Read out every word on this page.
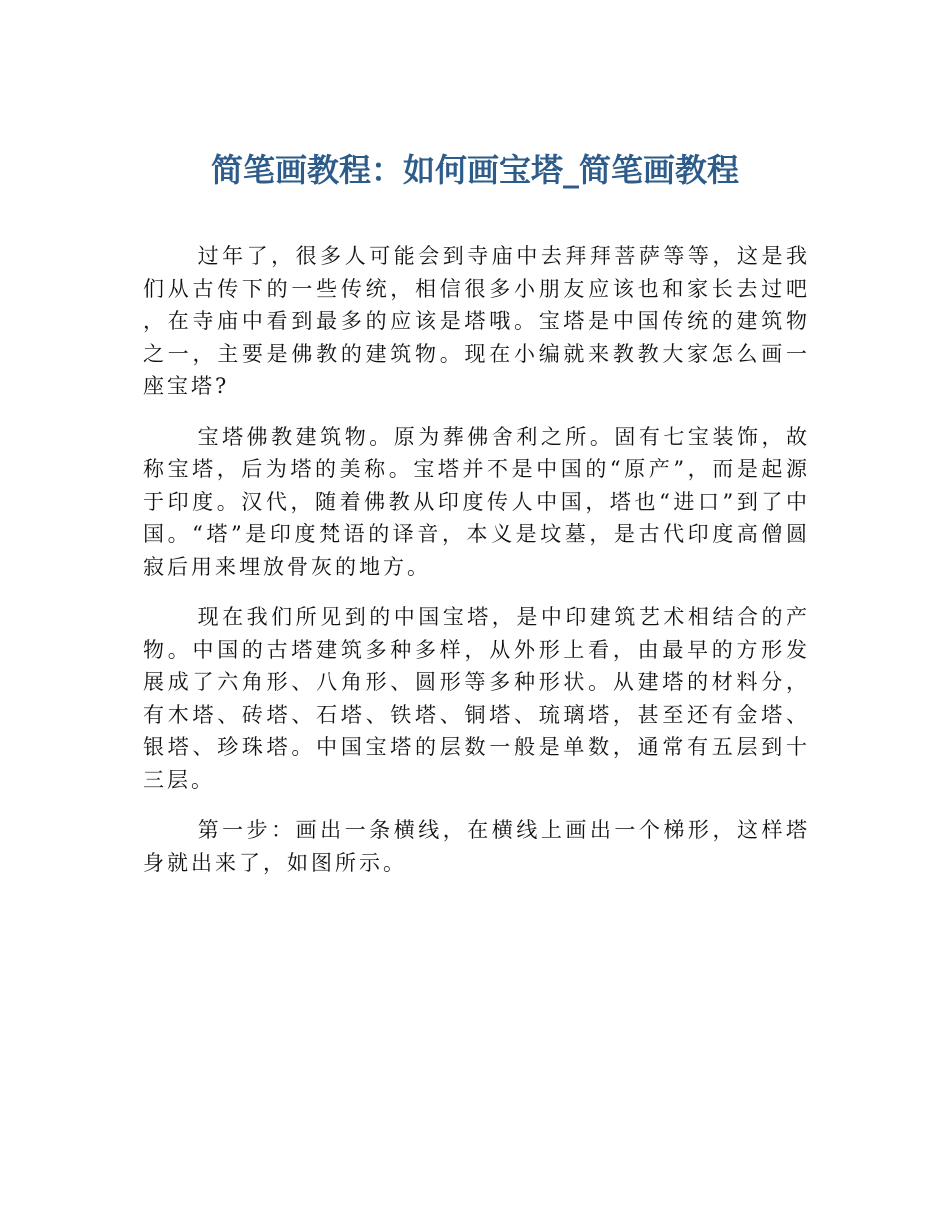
简笔画教程：如何画宝塔_简笔画教程

过年了，很多人可能会到寺庙中去拜拜菩萨等等，这是我们从古传下的一些传统，相信很多小朋友应该也和家长去过吧，在寺庙中看到最多的应该是塔哦。宝塔是中国传统的建筑物之一，主要是佛教的建筑物。现在小编就来教教大家怎么画一座宝塔?

宝塔佛教建筑物。原为葬佛舍利之所。固有七宝装饰，故称宝塔，后为塔的美称。宝塔并不是中国的“原产”，而是起源于印度。汉代，随着佛教从印度传人中国，塔也“进口”到了中国。“塔”是印度梵语的译音，本义是坟墓，是古代印度高僧圆寂后用来埋放骨灰的地方。

现在我们所见到的中国宝塔，是中印建筑艺术相结合的产物。中国的古塔建筑多种多样，从外形上看，由最早的方形发展成了六角形、八角形、圆形等多种形状。从建塔的材料分，有木塔、砖塔、石塔、铁塔、铜塔、琉璃塔，甚至还有金塔、银塔、珍珠塔。中国宝塔的层数一般是单数，通常有五层到十三层。

第一步：画出一条横线，在横线上画出一个梯形，这样塔身就出来了，如图所示。
